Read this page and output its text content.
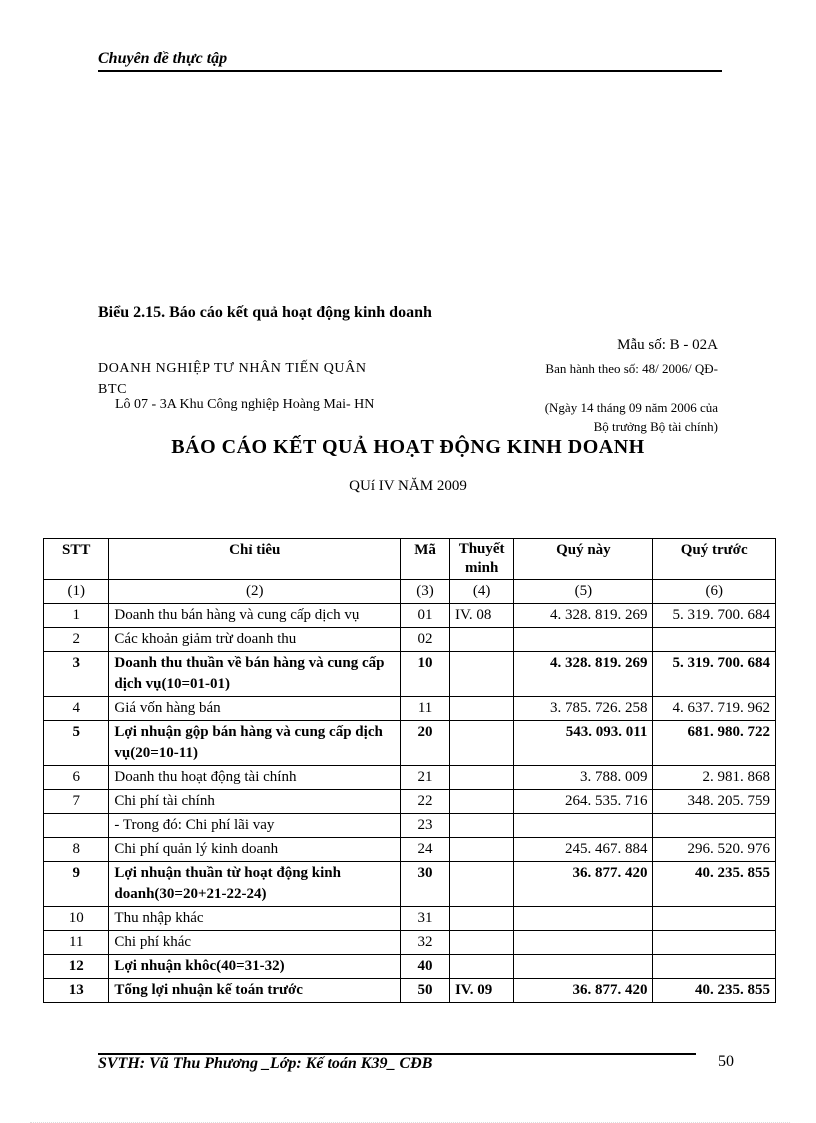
Chuyên đề thực tập
Biểu 2.15. Báo cáo kết quả hoạt động kinh doanh
Mẫu số: B - 02A
DOANH NGHIỆP TƯ NHÂN TIẾN QUÂN
BTC
Ban hành theo số: 48/ 2006/ QĐ-
Lô 07 - 3A Khu Công nghiệp Hoàng Mai- HN	(Ngày 14 tháng 09 năm 2006 của
Bộ trưởng Bộ tài chính)
BÁO CÁO KẾT QUẢ HOẠT ĐỘNG KINH DOANH
QUí IV NĂM 2009
STT	Chỉ tiêu	Mã	Thuyết minh	Quý này	Quý trước
(1)	(2)	(3)	(4)	(5)	(6)
1	Doanh thu bán hàng và cung cấp dịch vụ	01	IV. 08	4. 328. 819. 269	5. 319. 700. 684
2	Các khoản giảm trừ doanh thu	02			
3	Doanh thu thuần về bán hàng và cung cấp dịch vụ(10=01-01)	10		4. 328. 819. 269	5. 319. 700. 684
4	Giá vốn hàng bán	11		3. 785. 726. 258	4. 637. 719. 962
5	Lợi nhuận gộp bán hàng và cung cấp dịch vụ(20=10-11)	20		543. 093. 011	681. 980. 722
6	Doanh thu hoạt động tài chính	21		3. 788. 009	2. 981. 868
7	Chi phí tài chính	22		264. 535. 716	348. 205. 759
	- Trong đó: Chi phí lãi vay	23			
8	Chi phí quản lý kinh doanh	24		245. 467. 884	296. 520. 976
9	Lợi nhuận thuần từ hoạt động kinh doanh(30=20+21-22-24)	30		36. 877. 420	40. 235. 855
10	Thu nhập khác	31			
11	Chi phí khác	32			
12	Lợi nhuận khôc(40=31-32)	40			
13	Tổng lợi nhuận kế toán trước	50	IV. 09	36. 877. 420	40. 235. 855
SVTH: Vũ Thu Phương _Lớp: Kế toán K39_ CĐB	50
